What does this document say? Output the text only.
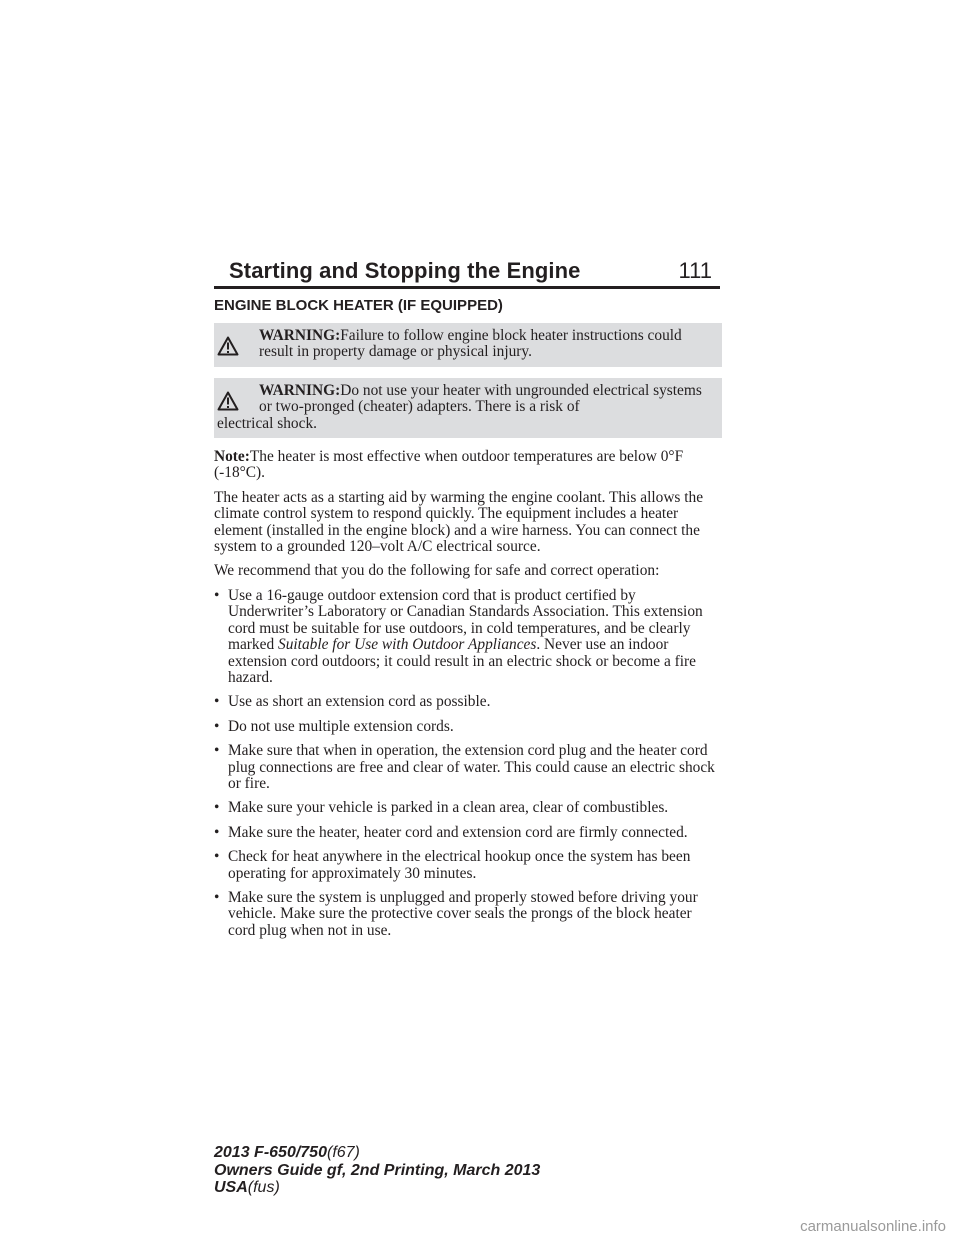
Starting and Stopping the Engine	111
ENGINE BLOCK HEATER (IF EQUIPPED)
WARNING:Failure to follow engine block heater instructions could result in property damage or physical injury.
WARNING:Do not use your heater with ungrounded electrical systems or two-pronged (cheater) adapters. There is a risk of
electrical shock.

Note:The heater is most effective when outdoor temperatures are below 0°F (-18°C).

The heater acts as a starting aid by warming the engine coolant. This allows the climate control system to respond quickly. The equipment includes a heater element (installed in the engine block) and a wire harness. You can connect the system to a grounded 120–volt A/C electrical source.

We recommend that you do the following for safe and correct operation:

• Use a 16-gauge outdoor extension cord that is product certified by Underwriter’s Laboratory or Canadian Standards Association. This extension cord must be suitable for use outdoors, in cold temperatures, and be clearly marked Suitable for Use with Outdoor Appliances. Never use an indoor extension cord outdoors; it could result in an electric shock or become a fire hazard.
• Use as short an extension cord as possible.
• Do not use multiple extension cords.
• Make sure that when in operation, the extension cord plug and the heater cord plug connections are free and clear of water. This could cause an electric shock or fire.
• Make sure your vehicle is parked in a clean area, clear of combustibles.
• Make sure the heater, heater cord and extension cord are firmly connected.
• Check for heat anywhere in the electrical hookup once the system has been operating for approximately 30 minutes.
• Make sure the system is unplugged and properly stowed before driving your vehicle. Make sure the protective cover seals the prongs of the block heater cord plug when not in use.
2013 F-650/750(f67)
Owners Guide gf, 2nd Printing, March 2013
USA(fus)
carmanualsonline.info
